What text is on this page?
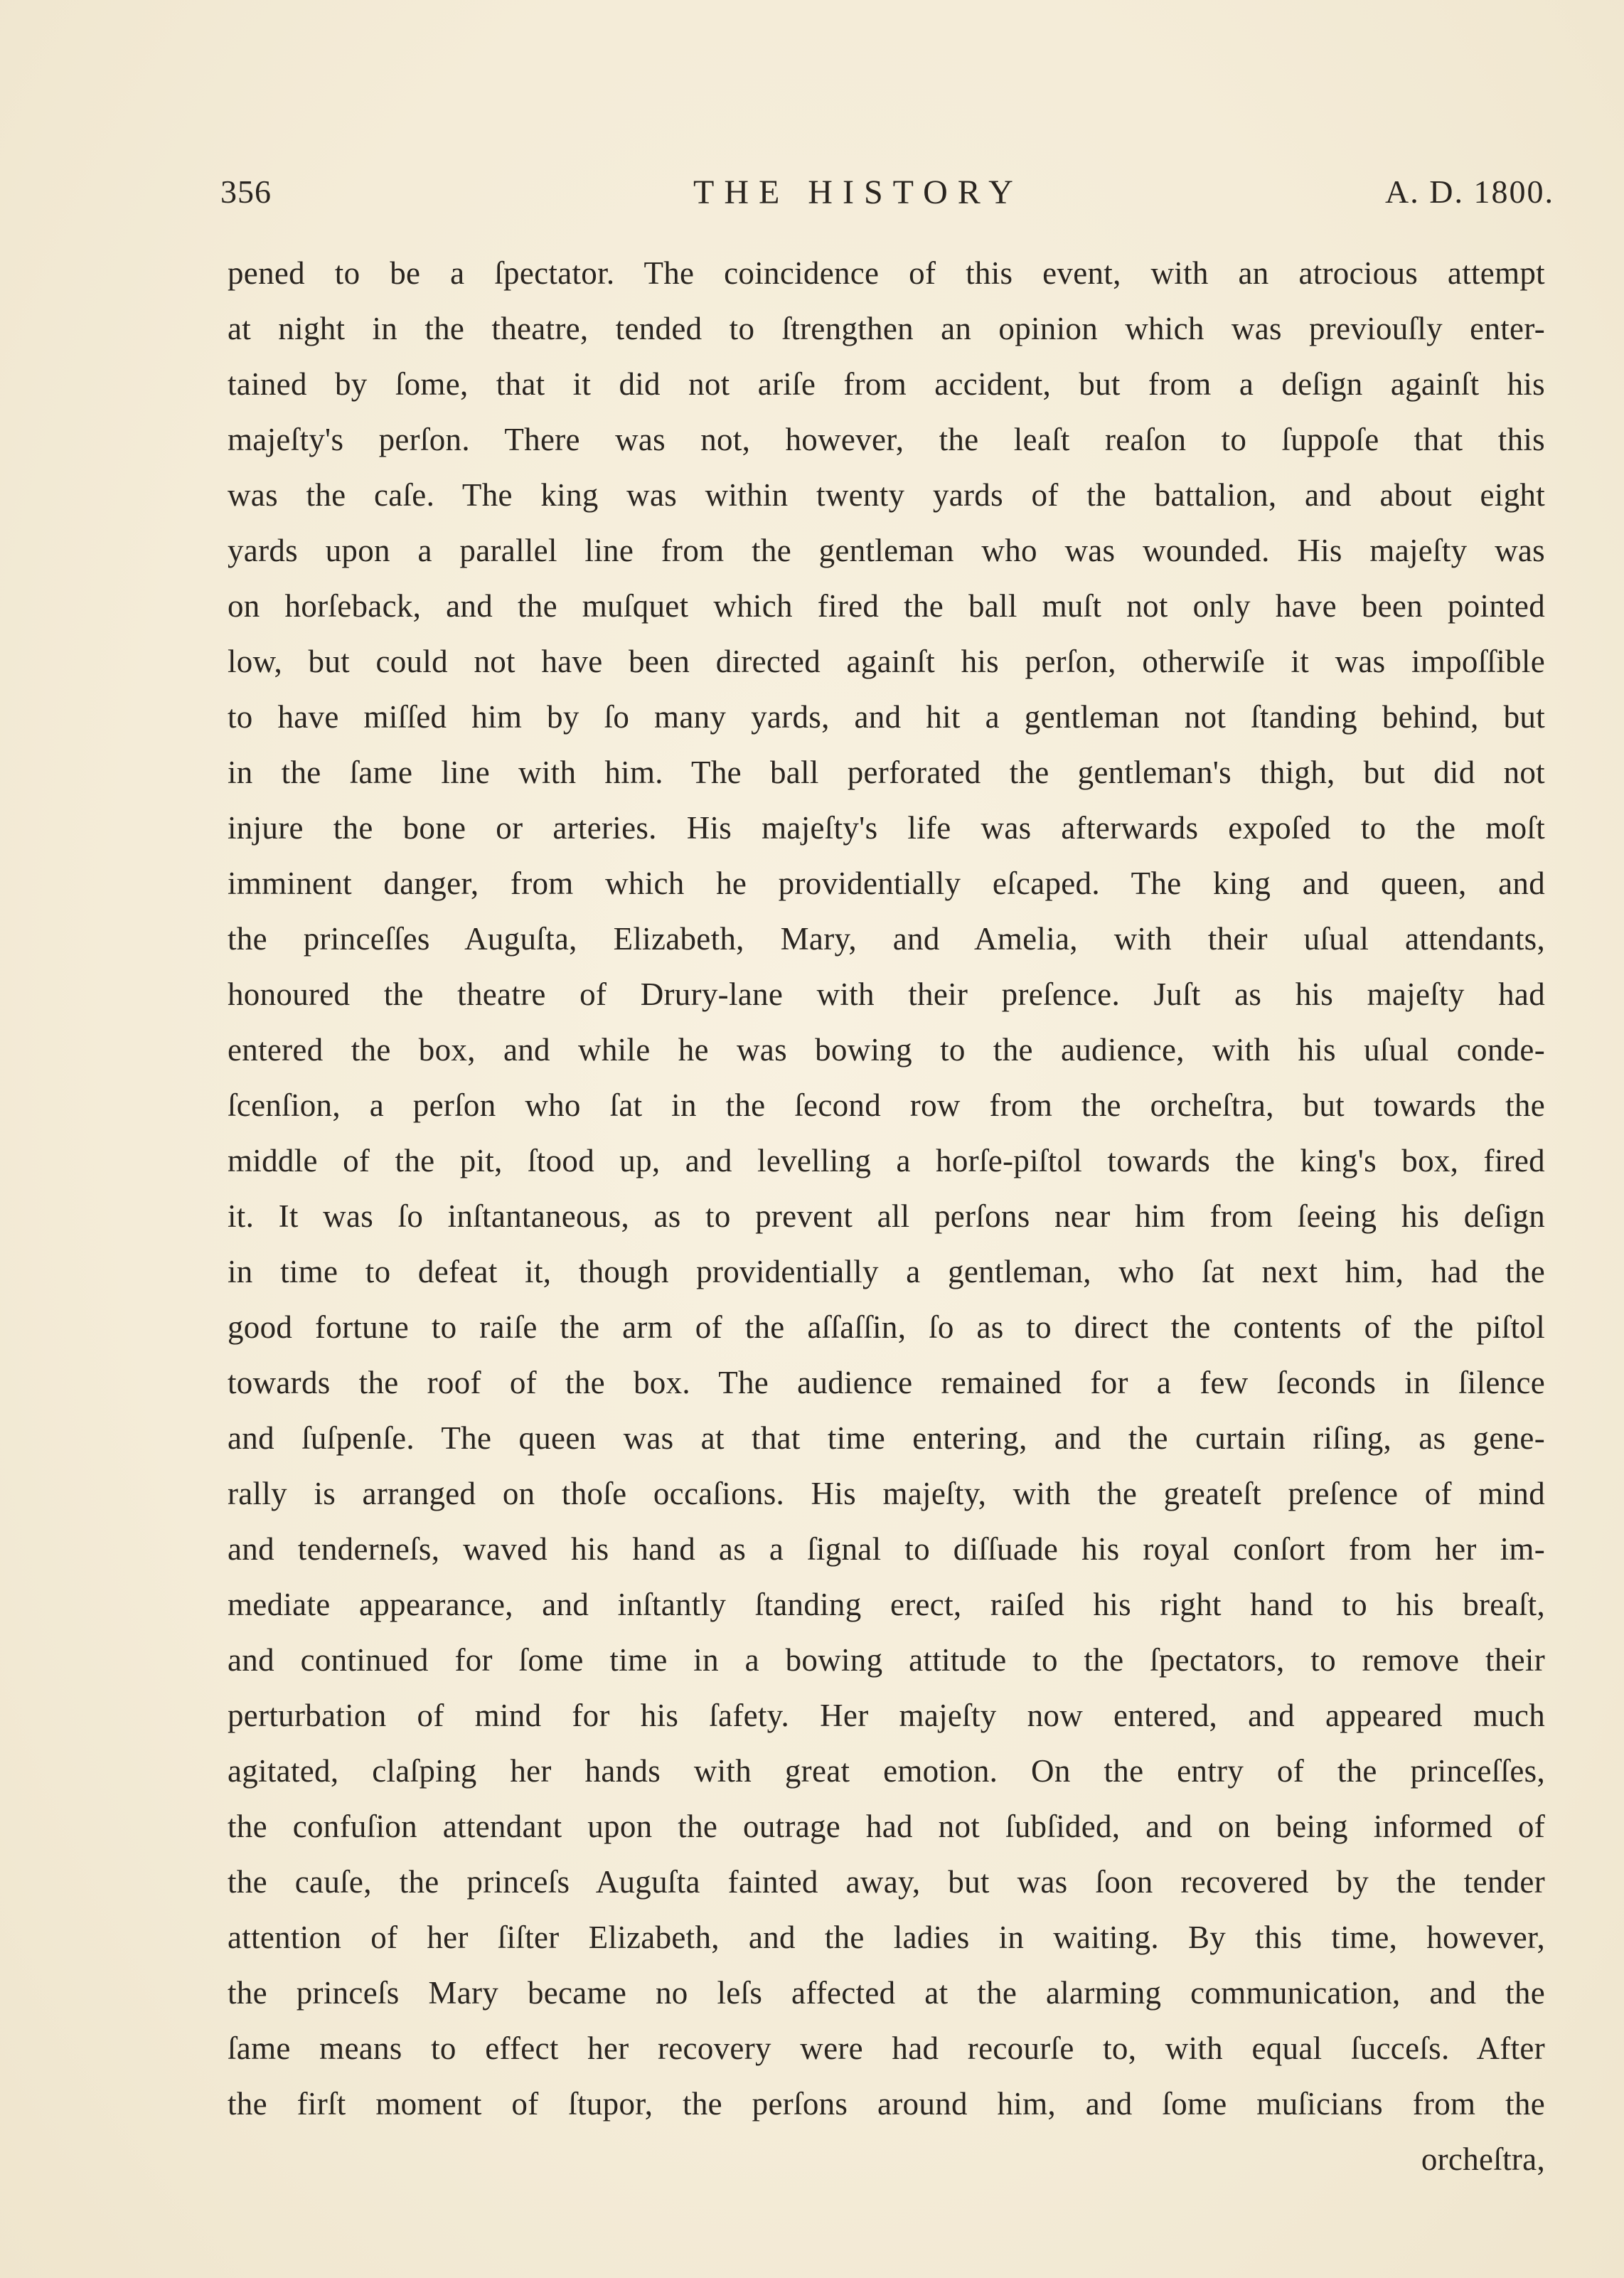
356	THE HISTORY	A. D. 1800.
pened to be a ſpectator. The coincidence of this event, with an atrocious attempt
at night in the theatre, tended to ſtrengthen an opinion which was previouſly enter-
tained by ſome, that it did not ariſe from accident, but from a deſign againſt his
majeſty's perſon. There was not, however, the leaſt reaſon to ſuppoſe that this
was the caſe. The king was within twenty yards of the battalion, and about eight
yards upon a parallel line from the gentleman who was wounded. His majeſty was
on horſeback, and the muſquet which fired the ball muſt not only have been pointed
low, but could not have been directed againſt his perſon, otherwiſe it was impoſſible
to have miſſed him by ſo many yards, and hit a gentleman not ſtanding behind, but
in the ſame line with him. The ball perforated the gentleman's thigh, but did not
injure the bone or arteries. His majeſty's life was afterwards expoſed to the moſt
imminent danger, from which he providentially eſcaped. The king and queen, and
the princeſſes Auguſta, Elizabeth, Mary, and Amelia, with their uſual attendants,
honoured the theatre of Drury-lane with their preſence. Juſt as his majeſty had
entered the box, and while he was bowing to the audience, with his uſual conde-
ſcenſion, a perſon who ſat in the ſecond row from the orcheſtra, but towards the
middle of the pit, ſtood up, and levelling a horſe-piſtol towards the king's box, fired
it. It was ſo inſtantaneous, as to prevent all perſons near him from ſeeing his deſign
in time to defeat it, though providentially a gentleman, who ſat next him, had the
good fortune to raiſe the arm of the aſſaſſin, ſo as to direct the contents of the piſtol
towards the roof of the box. The audience remained for a few ſeconds in ſilence
and ſuſpenſe. The queen was at that time entering, and the curtain riſing, as gene-
rally is arranged on thoſe occaſions. His majeſty, with the greateſt preſence of mind
and tenderneſs, waved his hand as a ſignal to diſſuade his royal conſort from her im-
mediate appearance, and inſtantly ſtanding erect, raiſed his right hand to his breaſt,
and continued for ſome time in a bowing attitude to the ſpectators, to remove their
perturbation of mind for his ſafety. Her majeſty now entered, and appeared much
agitated, claſping her hands with great emotion. On the entry of the princeſſes,
the confuſion attendant upon the outrage had not ſubſided, and on being informed of
the cauſe, the princeſs Auguſta fainted away, but was ſoon recovered by the tender
attention of her ſiſter Elizabeth, and the ladies in waiting. By this time, however,
the princeſs Mary became no leſs affected at the alarming communication, and the
ſame means to effect her recovery were had recourſe to, with equal ſucceſs. After
the firſt moment of ſtupor, the perſons around him, and ſome muſicians from the
orcheſtra,
